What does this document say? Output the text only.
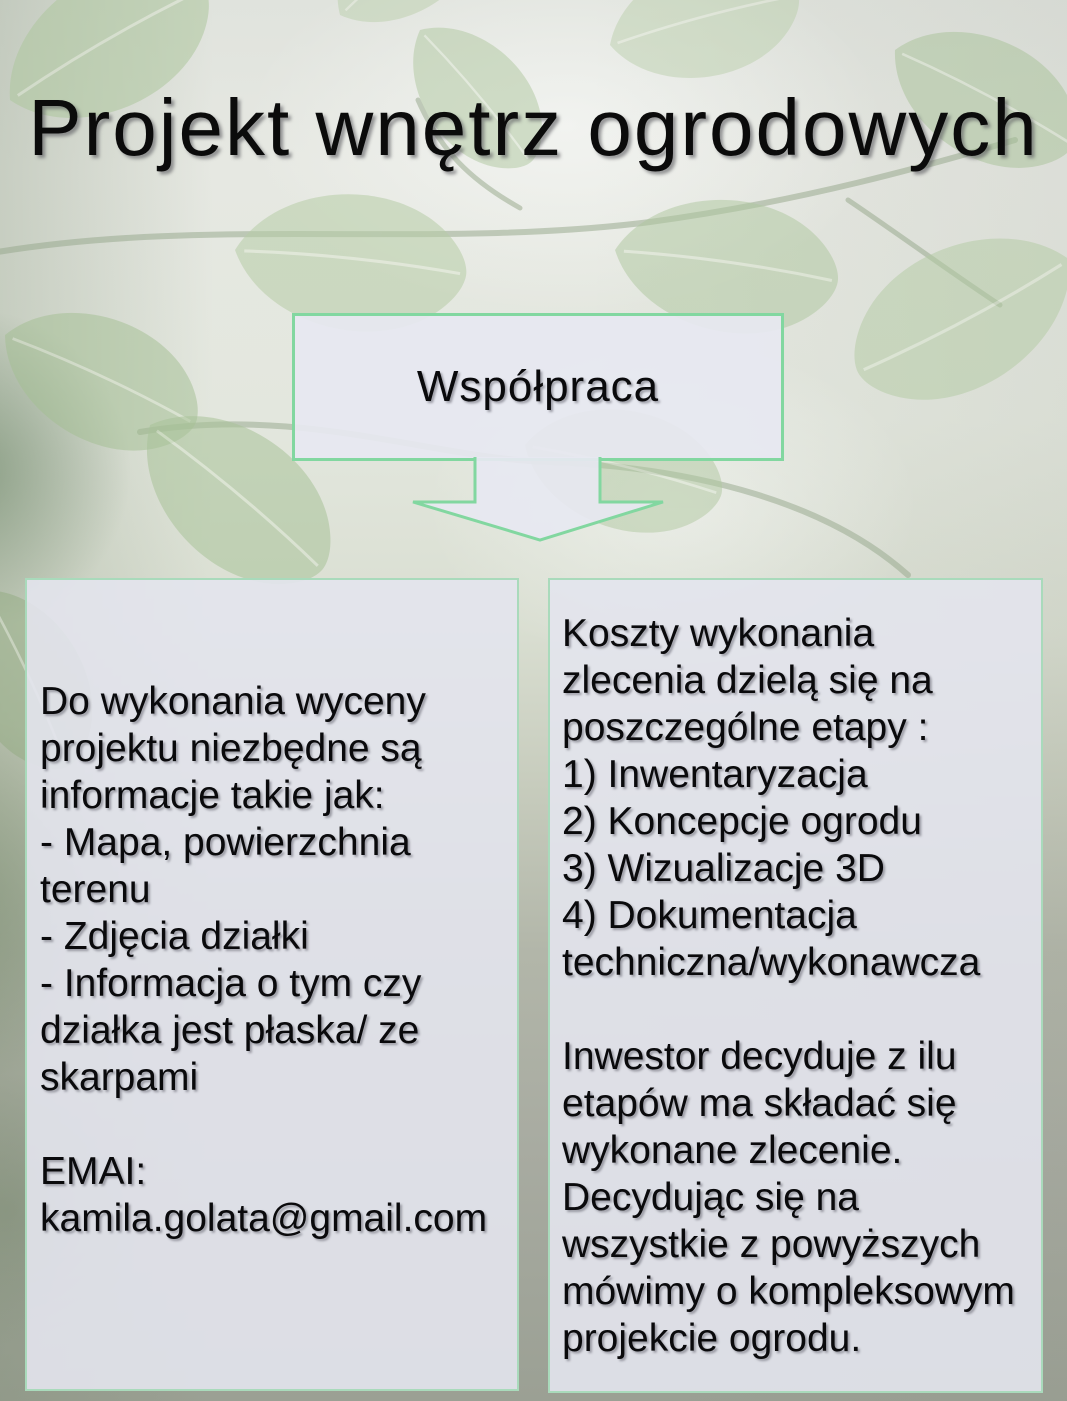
Projekt wnętrz ogrodowych
Współpraca
Do wykonania wyceny
projektu niezbędne są
informacje takie jak:
- Mapa, powierzchnia
terenu
- Zdjęcia działki
- Informacja o tym czy
działka jest płaska/ ze
skarpami
EMAI:
kamila.golata@gmail.com
Koszty wykonania
zlecenia dzielą się na
poszczególne etapy :
1) Inwentaryzacja
2) Koncepcje ogrodu
3) Wizualizacje 3D
4) Dokumentacja
techniczna/wykonawcza
Inwestor decyduje z ilu
etapów ma składać się
wykonane zlecenie.
Decydując się na
wszystkie z powyższych
mówimy o kompleksowym
projekcie ogrodu.
